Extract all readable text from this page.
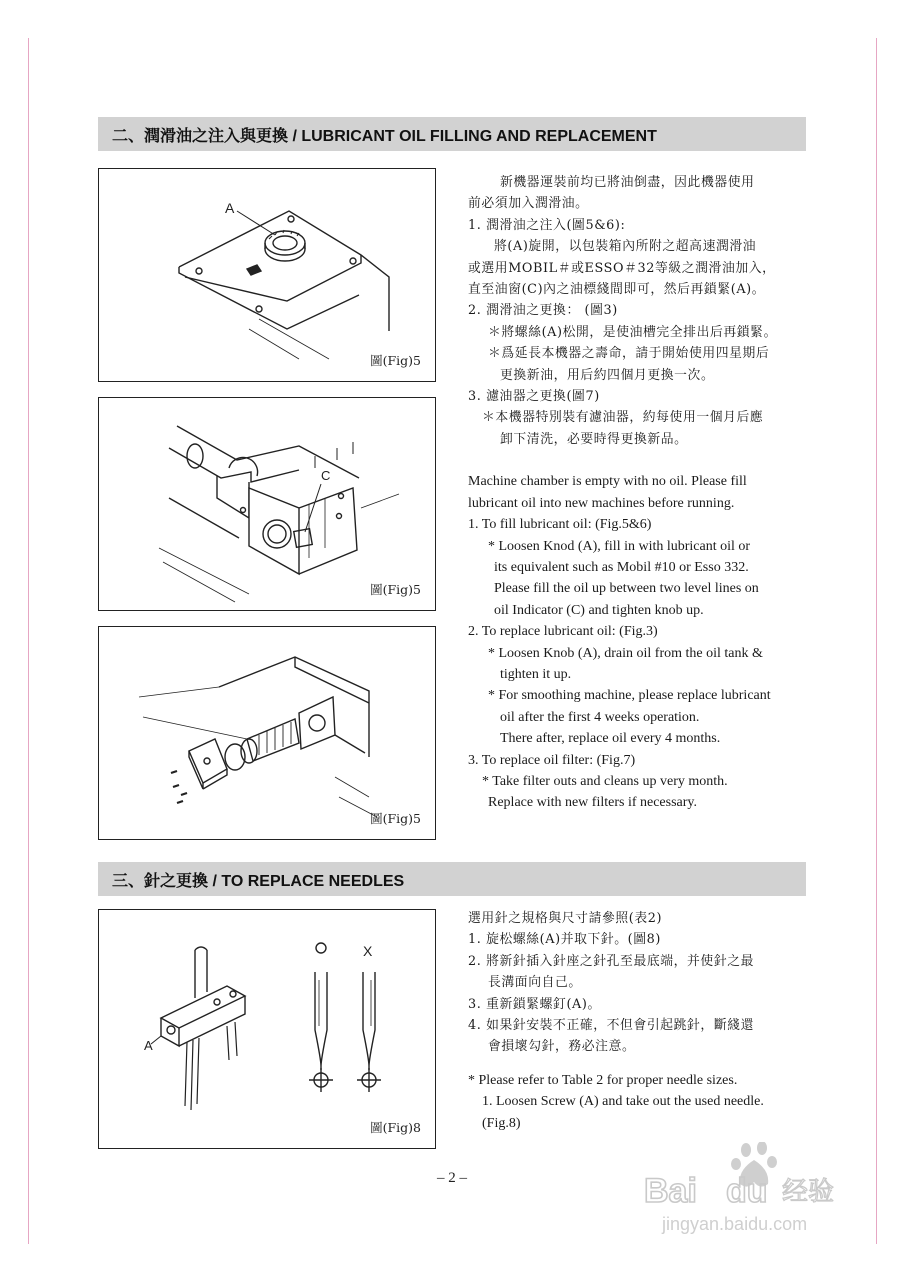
二、潤滑油之注入與更換 / LUBRICANT OIL FILLING AND REPLACEMENT
A
圖(Fig)5
C
圖(Fig)5
圖(Fig)5

新機器運裝前均已將油倒盡，因此機器使用

前必須加入潤滑油。

1. 潤滑油之注入(圖5&6):

將(A)旋開，以包裝箱內所附之超高速潤滑油

或選用MOBIL＃或ESSO＃32等級之潤滑油加入，

直至油窗(C)內之油標綫間即可，然后再鎖緊(A)。

2. 潤滑油之更換： (圖3)

＊將螺絲(A)松開，是使油槽完全排出后再鎖緊。

＊爲延長本機器之壽命，請于開始使用四星期后

更換新油，用后約四個月更換一次。

3. 濾油器之更換(圖7)

＊本機器特別裝有濾油器，約每使用一個月后應

卸下清洗，必要時得更換新品。

Machine chamber is empty with no oil. Please fill

lubricant oil into new machines before running.

1. To fill lubricant oil: (Fig.5&6)

* Loosen Knod (A), fill in with lubricant oil or

its equivalent such as Mobil #10 or Esso 332.

Please fill the oil up between two level lines on

oil Indicator (C) and tighten knob up.

2. To replace lubricant oil: (Fig.3)

* Loosen Knob (A), drain oil from the oil tank &

tighten it up.

* For smoothing machine, please replace lubricant

oil after the first 4 weeks operation.

There after, replace oil every 4 months.

3. To replace oil filter: (Fig.7)

* Take filter outs and cleans up very month.

Replace with new filters if necessary.

三、針之更換 / TO REPLACE NEEDLES
A
O
X
圖(Fig)8

選用針之規格與尺寸請參照(表2)

1. 旋松螺絲(A)并取下針。(圖8)

2. 將新針插入針座之針孔至最底端，并使針之最

長溝面向自己。

3. 重新鎖緊螺釘(A)。

4. 如果針安裝不正確，不但會引起跳針，斷綫還

會損壞勾針，務必注意。

* Please refer to Table 2 for proper needle sizes.

1. Loosen Screw (A) and take out the used needle.

(Fig.8)

– 2 –	Bai du 经验
jingyan.baidu.com
